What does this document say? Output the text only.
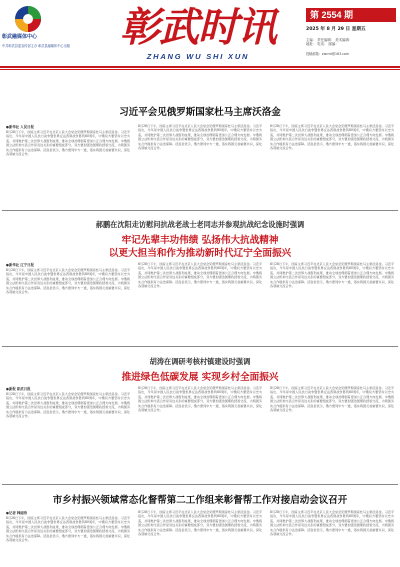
彰武融媒体中心
中共彰武县委宣传部主办 彰武县融媒体中心出版	彰武时讯
ZHANG WU SHI XUN
第 2554 期
2025 年 8 月 29 日 星期五
主编： 责任编辑： 美术编辑：
地址： 电话： 邮编：
投稿邮箱：zwrmt@163.com
习近平会见俄罗斯国家杜马主席沃洛金
●新华社 人民日报
8月28日下午，国家主席习近平在北京人民大会堂会见俄罗斯国家杜马主席沃洛金。习近平指出，今年是中国人民抗日战争暨世界反法西斯战争胜利80周年，中俄双方要坚持以史为鉴，共同维护第二次世界大战胜利成果，推动全球治理朝着更加公正合理方向发展。中俄两国立法机构交流合作是双边关系的重要组成部分，双方要加强治国理政经验交流，为两国务实合作提供有力法治保障。沃洛金表示，俄方愿同中方一道，落实两国元首重要共识，深化各领域交流合作。
8月28日下午，国家主席习近平在北京人民大会堂会见俄罗斯国家杜马主席沃洛金。习近平指出，今年是中国人民抗日战争暨世界反法西斯战争胜利80周年，中俄双方要坚持以史为鉴，共同维护第二次世界大战胜利成果，推动全球治理朝着更加公正合理方向发展。中俄两国立法机构交流合作是双边关系的重要组成部分，双方要加强治国理政经验交流，为两国务实合作提供有力法治保障。沃洛金表示，俄方愿同中方一道，落实两国元首重要共识，深化各领域交流合作。
8月28日下午，国家主席习近平在北京人民大会堂会见俄罗斯国家杜马主席沃洛金。习近平指出，今年是中国人民抗日战争暨世界反法西斯战争胜利80周年，中俄双方要坚持以史为鉴，共同维护第二次世界大战胜利成果，推动全球治理朝着更加公正合理方向发展。中俄两国立法机构交流合作是双边关系的重要组成部分，双方要加强治国理政经验交流，为两国务实合作提供有力法治保障。沃洛金表示，俄方愿同中方一道，落实两国元首重要共识，深化各领域交流合作。
郝鹏在沈阳走访慰问抗战老战士老同志并参观抗战纪念设施时强调
牢记先辈丰功伟绩 弘扬伟大抗战精神
以更大担当和作为推动新时代辽宁全面振兴
●新华社 辽宁日报
8月28日下午，国家主席习近平在北京人民大会堂会见俄罗斯国家杜马主席沃洛金。习近平指出，今年是中国人民抗日战争暨世界反法西斯战争胜利80周年，中俄双方要坚持以史为鉴，共同维护第二次世界大战胜利成果，推动全球治理朝着更加公正合理方向发展。中俄两国立法机构交流合作是双边关系的重要组成部分，双方要加强治国理政经验交流，为两国务实合作提供有力法治保障。沃洛金表示，俄方愿同中方一道，落实两国元首重要共识，深化各领域交流合作。
8月28日下午，国家主席习近平在北京人民大会堂会见俄罗斯国家杜马主席沃洛金。习近平指出，今年是中国人民抗日战争暨世界反法西斯战争胜利80周年，中俄双方要坚持以史为鉴，共同维护第二次世界大战胜利成果，推动全球治理朝着更加公正合理方向发展。中俄两国立法机构交流合作是双边关系的重要组成部分，双方要加强治国理政经验交流，为两国务实合作提供有力法治保障。沃洛金表示，俄方愿同中方一道，落实两国元首重要共识，深化各领域交流合作。
8月28日下午，国家主席习近平在北京人民大会堂会见俄罗斯国家杜马主席沃洛金。习近平指出，今年是中国人民抗日战争暨世界反法西斯战争胜利80周年，中俄双方要坚持以史为鉴，共同维护第二次世界大战胜利成果，推动全球治理朝着更加公正合理方向发展。中俄两国立法机构交流合作是双边关系的重要组成部分，双方要加强治国理政经验交流，为两国务实合作提供有力法治保障。沃洛金表示，俄方愿同中方一道，落实两国元首重要共识，深化各领域交流合作。
胡涛在调研考核村镇建设时强调
推进绿色低碳发展 实现乡村全面振兴
●新报 彰武日报
8月28日下午，国家主席习近平在北京人民大会堂会见俄罗斯国家杜马主席沃洛金。习近平指出，今年是中国人民抗日战争暨世界反法西斯战争胜利80周年，中俄双方要坚持以史为鉴，共同维护第二次世界大战胜利成果，推动全球治理朝着更加公正合理方向发展。中俄两国立法机构交流合作是双边关系的重要组成部分，双方要加强治国理政经验交流，为两国务实合作提供有力法治保障。沃洛金表示，俄方愿同中方一道，落实两国元首重要共识，深化各领域交流合作。
8月28日下午，国家主席习近平在北京人民大会堂会见俄罗斯国家杜马主席沃洛金。习近平指出，今年是中国人民抗日战争暨世界反法西斯战争胜利80周年，中俄双方要坚持以史为鉴，共同维护第二次世界大战胜利成果，推动全球治理朝着更加公正合理方向发展。中俄两国立法机构交流合作是双边关系的重要组成部分，双方要加强治国理政经验交流，为两国务实合作提供有力法治保障。沃洛金表示，俄方愿同中方一道，落实两国元首重要共识，深化各领域交流合作。
8月28日下午，国家主席习近平在北京人民大会堂会见俄罗斯国家杜马主席沃洛金。习近平指出，今年是中国人民抗日战争暨世界反法西斯战争胜利80周年，中俄双方要坚持以史为鉴，共同维护第二次世界大战胜利成果，推动全球治理朝着更加公正合理方向发展。中俄两国立法机构交流合作是双边关系的重要组成部分，双方要加强治国理政经验交流，为两国务实合作提供有力法治保障。沃洛金表示，俄方愿同中方一道，落实两国元首重要共识，深化各领域交流合作。
市乡村振兴领域常态化督帮第二工作组来彰督帮工作对接启动会议召开
●记者 韩丽伟
8月28日下午，国家主席习近平在北京人民大会堂会见俄罗斯国家杜马主席沃洛金。习近平指出，今年是中国人民抗日战争暨世界反法西斯战争胜利80周年，中俄双方要坚持以史为鉴，共同维护第二次世界大战胜利成果，推动全球治理朝着更加公正合理方向发展。中俄两国立法机构交流合作是双边关系的重要组成部分，双方要加强治国理政经验交流，为两国务实合作提供有力法治保障。沃洛金表示，俄方愿同中方一道，落实两国元首重要共识，深化各领域交流合作。
8月28日下午，国家主席习近平在北京人民大会堂会见俄罗斯国家杜马主席沃洛金。习近平指出，今年是中国人民抗日战争暨世界反法西斯战争胜利80周年，中俄双方要坚持以史为鉴，共同维护第二次世界大战胜利成果，推动全球治理朝着更加公正合理方向发展。中俄两国立法机构交流合作是双边关系的重要组成部分，双方要加强治国理政经验交流，为两国务实合作提供有力法治保障。沃洛金表示，俄方愿同中方一道，落实两国元首重要共识，深化各领域交流合作。
8月28日下午，国家主席习近平在北京人民大会堂会见俄罗斯国家杜马主席沃洛金。习近平指出，今年是中国人民抗日战争暨世界反法西斯战争胜利80周年，中俄双方要坚持以史为鉴，共同维护第二次世界大战胜利成果，推动全球治理朝着更加公正合理方向发展。中俄两国立法机构交流合作是双边关系的重要组成部分，双方要加强治国理政经验交流，为两国务实合作提供有力法治保障。沃洛金表示，俄方愿同中方一道，落实两国元首重要共识，深化各领域交流合作。
